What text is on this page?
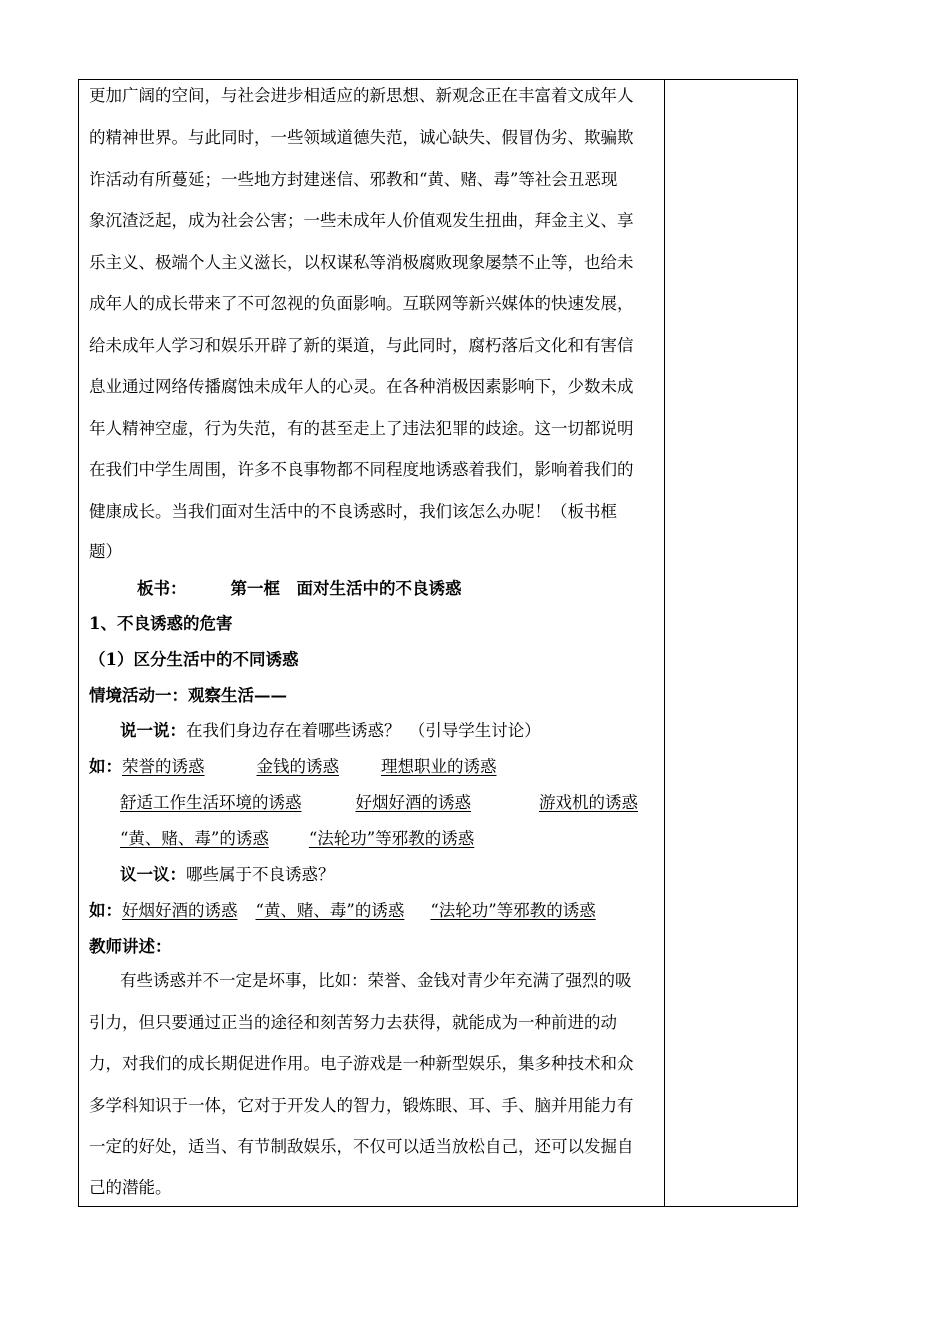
更加广阔的空间，与社会进步相适应的新思想、新观念正在丰富着文成年人
的精神世界。与此同时，一些领域道德失范，诚心缺失、假冒伪劣、欺骗欺
诈活动有所蔓延；一些地方封建迷信、邪教和“黄、赌、毒”等社会丑恶现
象沉渣泛起，成为社会公害；一些未成年人价值观发生扭曲，拜金主义、享
乐主义、极端个人主义滋长，以权谋私等消极腐败现象屡禁不止等，也给未
成年人的成长带来了不可忽视的负面影响。互联网等新兴媒体的快速发展，
给未成年人学习和娱乐开辟了新的渠道，与此同时，腐朽落后文化和有害信
息业通过网络传播腐蚀未成年人的心灵。在各种消极因素影响下，少数未成
年人精神空虚，行为失范，有的甚至走上了违法犯罪的歧途。这一切都说明
在我们中学生周围，许多不良事物都不同程度地诱惑着我们，影响着我们的
健康成长。当我们面对生活中的不良诱惑时，我们该怎么办呢！（板书框
题）
板书：	第一框　面对生活中的不良诱惑
1、不良诱惑的危害
（1）区分生活中的不同诱惑
情境活动一：观察生活——
说一说：在我们身边存在着哪些诱惑？　（引导学生讨论）
如：荣誉的诱惑	金钱的诱惑	理想职业的诱惑
舒适工作生活环境的诱惑	好烟好酒的诱惑	游戏机的诱惑
“黄、赌、毒”的诱惑 “法轮功”等邪教的诱惑
议一议：哪些属于不良诱惑？
如：好烟好酒的诱惑 “黄、赌、毒”的诱惑 “法轮功”等邪教的诱惑
教师讲述：
有些诱惑并不一定是坏事，比如：荣誉、金钱对青少年充满了强烈的吸
引力，但只要通过正当的途径和刻苦努力去获得，就能成为一种前进的动
力，对我们的成长期促进作用。电子游戏是一种新型娱乐，集多种技术和众
多学科知识于一体，它对于开发人的智力，锻炼眼、耳、手、脑并用能力有
一定的好处，适当、有节制敌娱乐，不仅可以适当放松自己，还可以发掘自
己的潜能。
